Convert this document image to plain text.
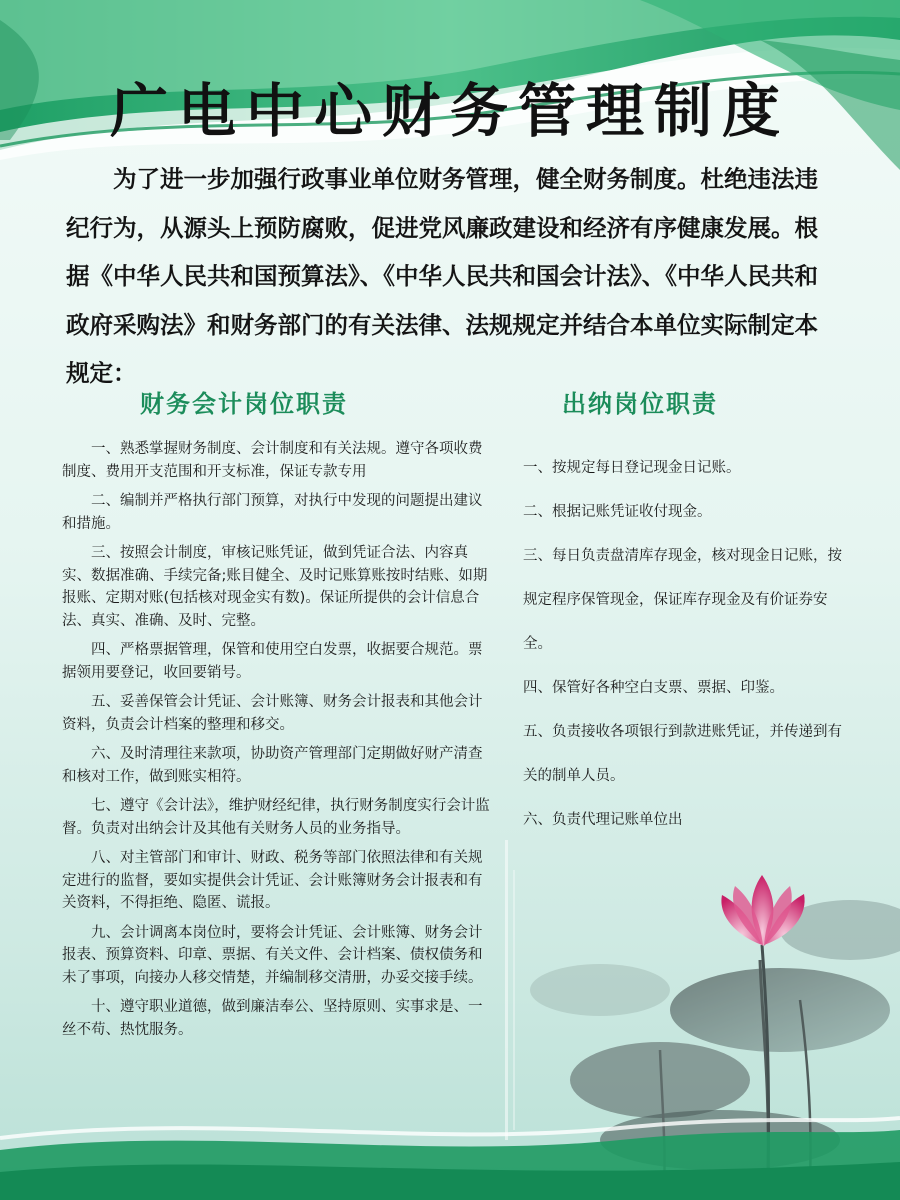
广电中心财务管理制度

为了进一步加强行政事业单位财务管理，健全财务制度。杜绝违法违纪行为，从源头上预防腐败，促进党风廉政建设和经济有序健康发展。根据《中华人民共和国预算法》、《中华人民共和国会计法》、《中华人民共和政府采购法》和财务部门的有关法律、法规规定并结合本单位实际制定本规定：

财务会计岗位职责	出纳岗位职责
一、熟悉掌握财务制度、会计制度和有关法规。遵守各项收费制度、费用开支范围和开支标准，保证专款专用
二、编制并严格执行部门预算，对执行中发现的问题提出建议和措施。
三、按照会计制度，审核记账凭证，做到凭证合法、内容真实、数据准确、手续完备;账目健全、及时记账算账按时结账、如期报账、定期对账(包括核对现金实有数)。保证所提供的会计信息合法、真实、准确、及时、完整。
四、严格票据管理，保管和使用空白发票，收据要合规范。票据领用要登记，收回要销号。
五、妥善保管会计凭证、会计账簿、财务会计报表和其他会计资料，负责会计档案的整理和移交。
六、及时清理往来款项，协助资产管理部门定期做好财产清查和核对工作，做到账实相符。
七、遵守《会计法》，维护财经纪律，执行财务制度实行会计监督。负责对出纳会计及其他有关财务人员的业务指导。
八、对主管部门和审计、财政、税务等部门依照法律和有关规定进行的监督，要如实提供会计凭证、会计账簿财务会计报表和有关资料，不得拒绝、隐匿、谎报。
九、会计调离本岗位时，要将会计凭证、会计账簿、财务会计报表、预算资料、印章、票据、有关文件、会计档案、债权债务和未了事项，向接办人移交情楚，并编制移交清册，办妥交接手续。
十、遵守职业道德，做到廉洁奉公、坚持原则、实事求是、一丝不苟、热忱服务。
一、按规定每日登记现金日记账。
二、根据记账凭证收付现金。
三、每日负责盘清库存现金，核对现金日记账，按规定程序保管现金，保证库存现金及有价证券安全。
四、保管好各种空白支票、票据、印鉴。
五、负责接收各项银行到款进账凭证，并传递到有关的制单人员。
六、负责代理记账单位出
